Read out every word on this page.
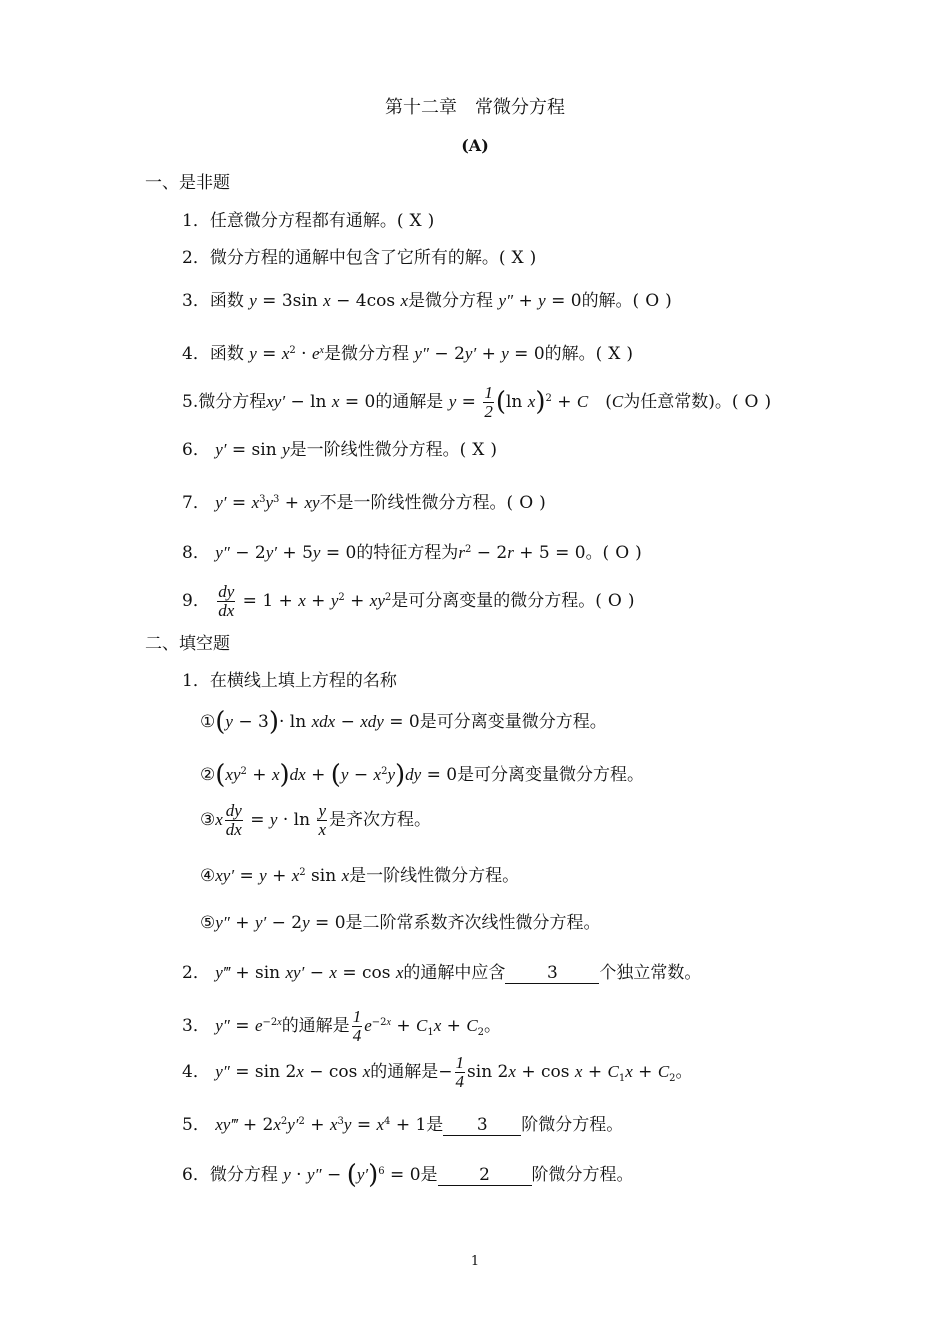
第十二章　常微分方程
(A)
一、是非题
1．任意微分方程都有通解。( X )
2．微分方程的通解中包含了它所有的解。( X )
3．函数 y = 3sin x − 4cos x是微分方程 y″ + y = 0的解。( O )
4．函数 $y = x^2 \cdot e^x$是微分方程 y″ − 2y′ + y = 0的解。( X )
5.微分方程xy′ − ln x = 0的通解是 $y = \frac{1}{2} (\ln$ x)$^2$ + C　(C为任意常数)。( O )
6． y′ = sin y是一阶线性微分方程。( X )
7． $y' = x^3y^3$ + xy不是一阶线性微分方程。( O )
8． y″ − 2y′ + 5y = 0的特征方程为$r^2 - 2r + 5 = 0$。( O )
9． $\frac{dy}{dx} = 1 + x + y^2 + xy^2$是可分离变量的微分方程。( O )
二、填空题
1．在横线上填上方程的名称
①(y − 3)· ln xdx − xdy = 0是可分离变量微分方程。
$②(xy^2 + x)dx + (y - x^2y)dy = 0$是可分离变量微分方程。
③x $\frac{dy}{dx} = y \cdot \ln \frac{y}{x}$ 是齐次方程。
④xy′ = $y + x^2$ sin x是一阶线性微分方程。
⑤y″ + y′ − 2y = 0是二阶常系数齐次线性微分方程。
2． y‴ + sin xy′ − x = cos x的通解中应含 3 个独立常数。
3． $y'' = e^{-2x}$的通解是 $\frac{1}{4} e^{-2x} + C_1x + C_2$。
4． y″ = sin 2x − cos x的通解是− $\frac{1}{4}$ $\sin 2x + \cos x + C_1x + C_2$。
5． xy‴ + $2x^2y'^2 + x^3y = x^4 + 1$是 3 阶微分方程。
6．微分方程 $y \cdot y'' - (y')^6 = 0$是 2 阶微分方程。
1
